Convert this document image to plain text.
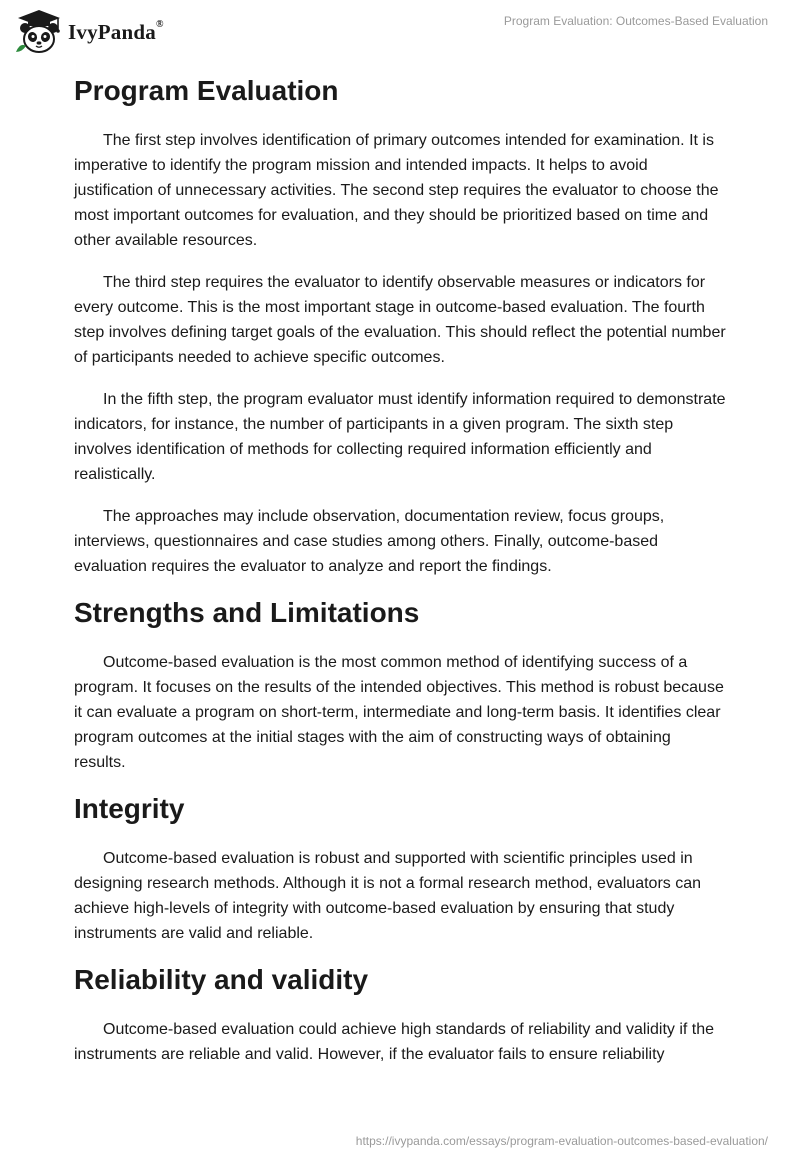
IvyPanda®	Program Evaluation: Outcomes-Based Evaluation
Program Evaluation

The first step involves identification of primary outcomes intended for examination. It is imperative to identify the program mission and intended impacts. It helps to avoid justification of unnecessary activities. The second step requires the evaluator to choose the most important outcomes for evaluation, and they should be prioritized based on time and other available resources.

The third step requires the evaluator to identify observable measures or indicators for every outcome. This is the most important stage in outcome-based evaluation. The fourth step involves defining target goals of the evaluation. This should reflect the potential number of participants needed to achieve specific outcomes.

In the fifth step, the program evaluator must identify information required to demonstrate indicators, for instance, the number of participants in a given program. The sixth step involves identification of methods for collecting required information efficiently and realistically.

The approaches may include observation, documentation review, focus groups, interviews, questionnaires and case studies among others. Finally, outcome-based evaluation requires the evaluator to analyze and report the findings.

Strengths and Limitations

Outcome-based evaluation is the most common method of identifying success of a program. It focuses on the results of the intended objectives. This method is robust because it can evaluate a program on short-term, intermediate and long-term basis. It identifies clear program outcomes at the initial stages with the aim of constructing ways of obtaining results.

Integrity

Outcome-based evaluation is robust and supported with scientific principles used in designing research methods. Although it is not a formal research method, evaluators can achieve high-levels of integrity with outcome-based evaluation by ensuring that study instruments are valid and reliable.

Reliability and validity

Outcome-based evaluation could achieve high standards of reliability and validity if the instruments are reliable and valid. However, if the evaluator fails to ensure reliability

https://ivypanda.com/essays/program-evaluation-outcomes-based-evaluation/
